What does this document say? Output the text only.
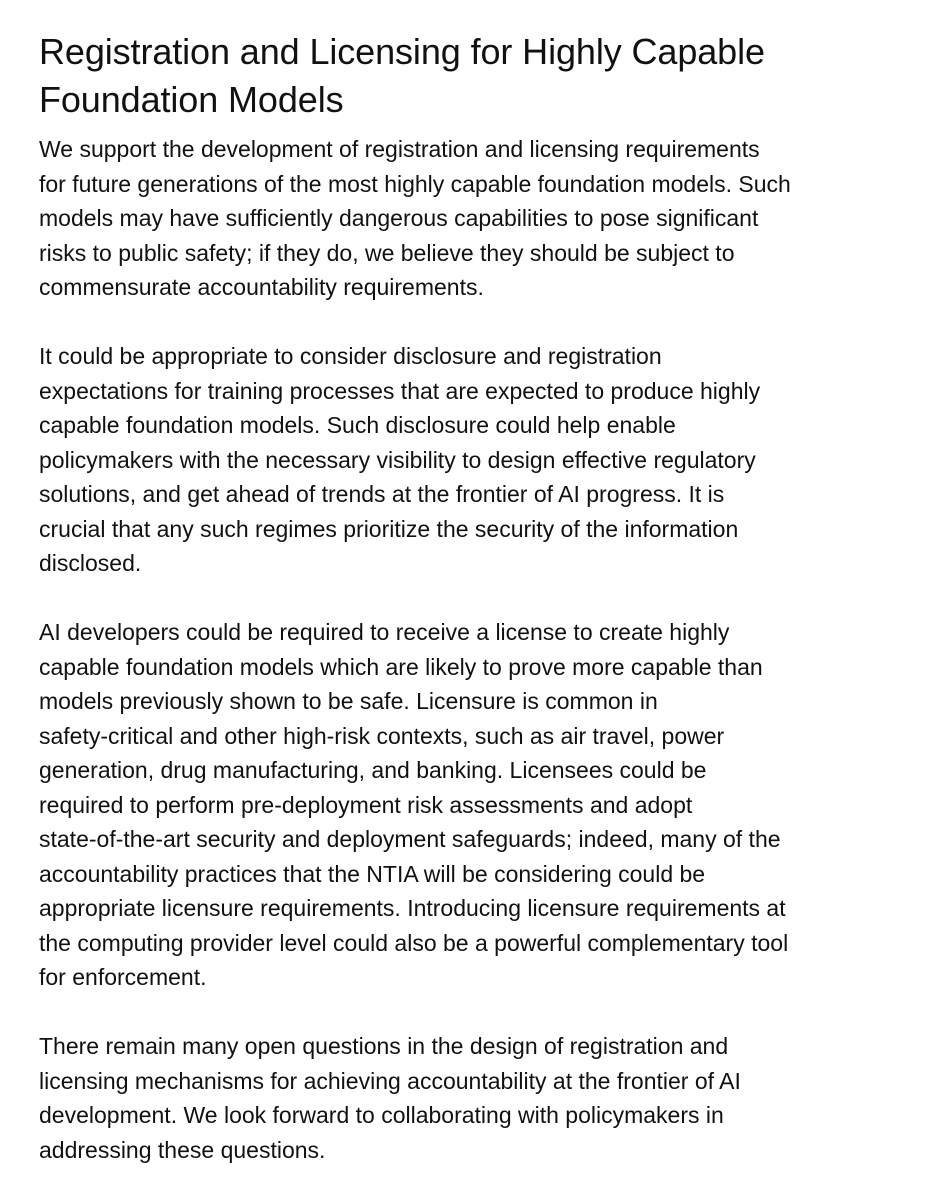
Registration and Licensing for Highly Capable
Foundation Models

We support the development of registration and licensing requirements
for future generations of the most highly capable foundation models. Such
models may have sufficiently dangerous capabilities to pose significant
risks to public safety; if they do, we believe they should be subject to
commensurate accountability requirements.

It could be appropriate to consider disclosure and registration
expectations for training processes that are expected to produce highly
capable foundation models. Such disclosure could help enable
policymakers with the necessary visibility to design effective regulatory
solutions, and get ahead of trends at the frontier of AI progress. It is
crucial that any such regimes prioritize the security of the information
disclosed.

AI developers could be required to receive a license to create highly
capable foundation models which are likely to prove more capable than
models previously shown to be safe. Licensure is common in
safety-critical and other high-risk contexts, such as air travel, power
generation, drug manufacturing, and banking. Licensees could be
required to perform pre-deployment risk assessments and adopt
state-of-the-art security and deployment safeguards; indeed, many of the
accountability practices that the NTIA will be considering could be
appropriate licensure requirements. Introducing licensure requirements at
the computing provider level could also be a powerful complementary tool
for enforcement.

There remain many open questions in the design of registration and
licensing mechanisms for achieving accountability at the frontier of AI
development. We look forward to collaborating with policymakers in
addressing these questions.
